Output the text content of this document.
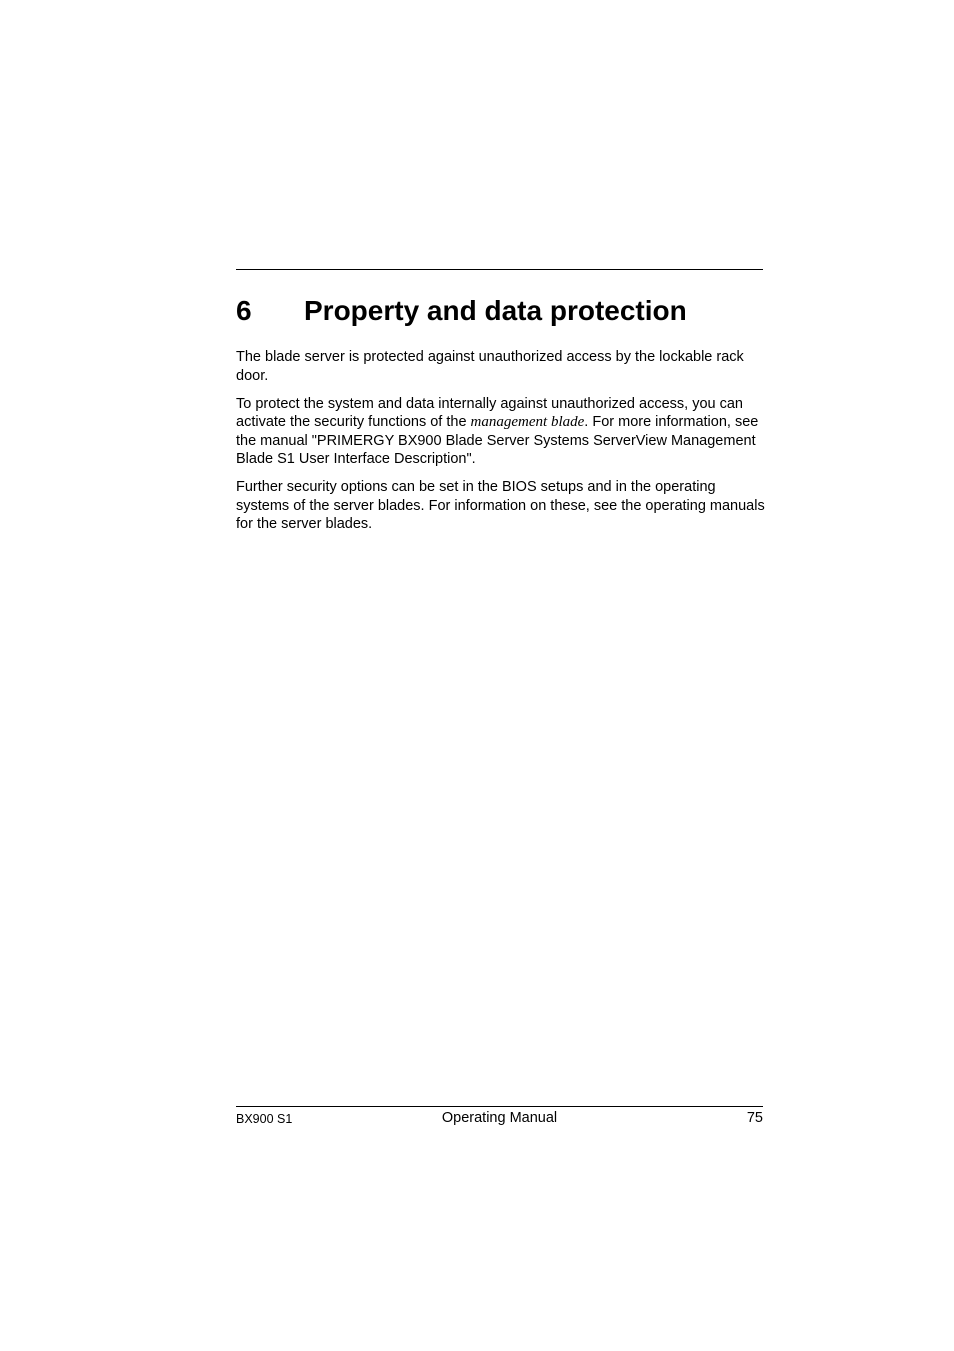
6 Property and data protection

The blade server is protected against unauthorized access by the lockable rack door.

To protect the system and data internally against unauthorized access, you can activate the security functions of the management blade. For more information, see the manual "PRIMERGY BX900 Blade Server Systems ServerView Management Blade S1 User Interface Description".

Further security options can be set in the BIOS setups and in the operating systems of the server blades. For information on these, see the operating manuals for the server blades.

BX900 S1	Operating Manual	75
